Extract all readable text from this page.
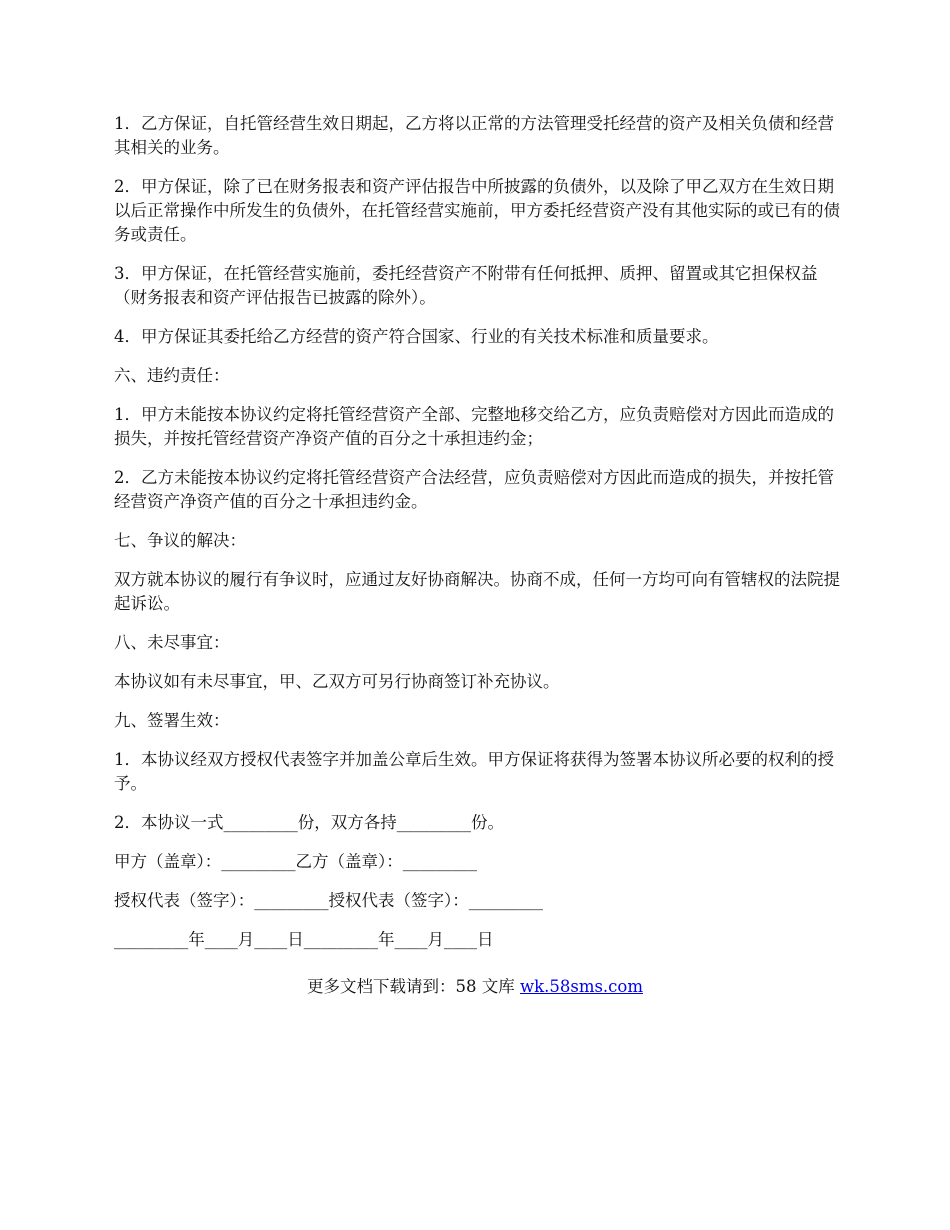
1．乙方保证，自托管经营生效日期起，乙方将以正常的方法管理受托经营的资产及相关负债和经营其相关的业务。

2．甲方保证，除了已在财务报表和资产评估报告中所披露的负债外，以及除了甲乙双方在生效日期以后正常操作中所发生的负债外，在托管经营实施前，甲方委托经营资产没有其他实际的或已有的债务或责任。

3．甲方保证，在托管经营实施前，委托经营资产不附带有任何抵押、质押、留置或其它担保权益（财务报表和资产评估报告已披露的除外）。

4．甲方保证其委托给乙方经营的资产符合国家、行业的有关技术标准和质量要求。

六、违约责任：

1．甲方未能按本协议约定将托管经营资产全部、完整地移交给乙方，应负责赔偿对方因此而造成的损失，并按托管经营资产净资产值的百分之十承担违约金；

2．乙方未能按本协议约定将托管经营资产合法经营，应负责赔偿对方因此而造成的损失，并按托管经营资产净资产值的百分之十承担违约金。

七、争议的解决：

双方就本协议的履行有争议时，应通过友好协商解决。协商不成，任何一方均可向有管辖权的法院提起诉讼。

八、未尽事宜：

本协议如有未尽事宜，甲、乙双方可另行协商签订补充协议。

九、签署生效：

1．本协议经双方授权代表签字并加盖公章后生效。甲方保证将获得为签署本协议所必要的权利的授予。

2．本协议一式_________份，双方各持_________份。

甲方（盖章）：_________乙方（盖章）：_________

授权代表（签字）：_________授权代表（签字）：_________

_________年____月____日_________年____月____日

更多文档下载请到：58 文库 wk.58sms.com
